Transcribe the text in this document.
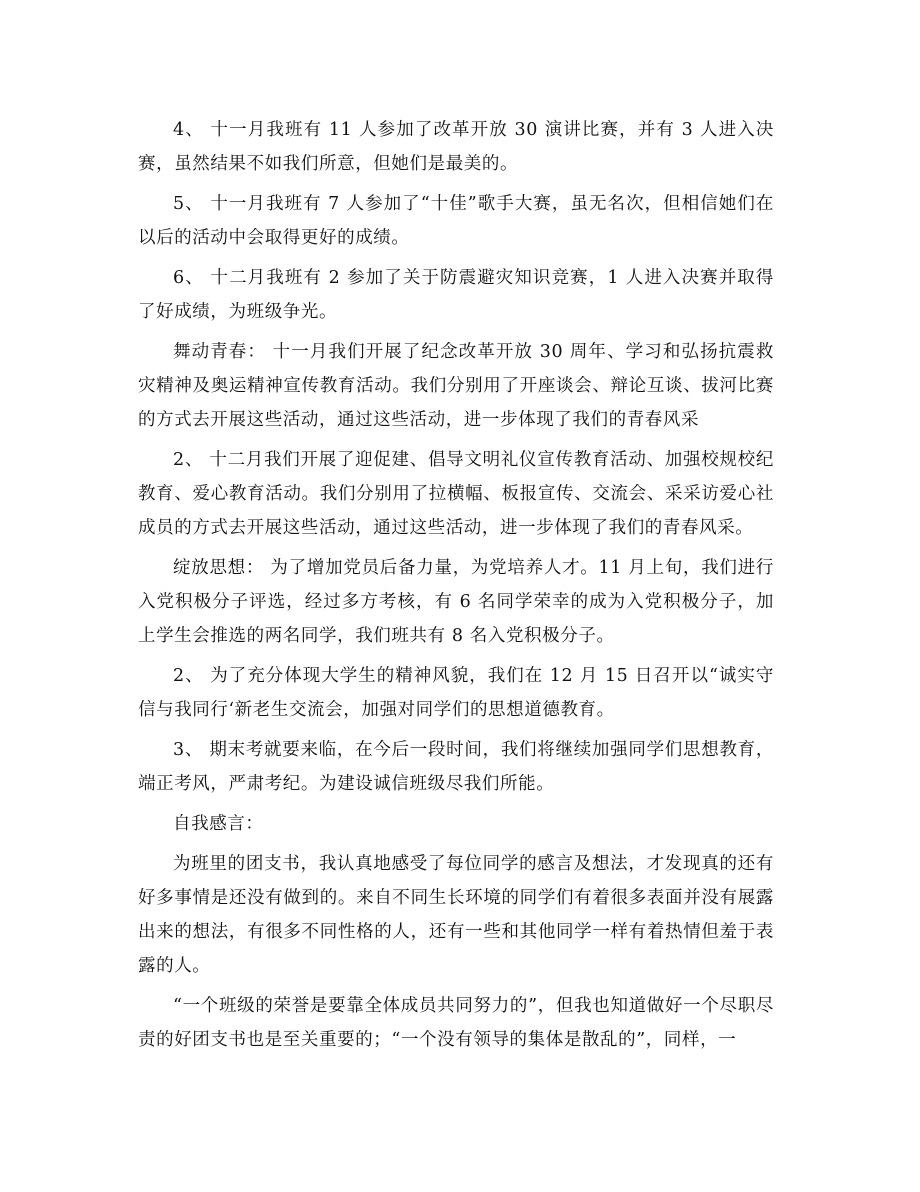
4、 十一月我班有 11 人参加了改革开放 30 演讲比赛，并有 3 人进入决赛，虽然结果不如我们所意，但她们是最美的。

5、 十一月我班有 7 人参加了“十佳”歌手大赛，虽无名次，但相信她们在以后的活动中会取得更好的成绩。

6、 十二月我班有 2 参加了关于防震避灾知识竞赛，1 人进入决赛并取得了好成绩，为班级争光。

舞动青春： 十一月我们开展了纪念改革开放 30 周年、学习和弘扬抗震救灾精神及奥运精神宣传教育活动。我们分别用了开座谈会、辩论互谈、拔河比赛的方式去开展这些活动，通过这些活动，进一步体现了我们的青春风采

2、 十二月我们开展了迎促建、倡导文明礼仪宣传教育活动、加强校规校纪教育、爱心教育活动。我们分别用了拉横幅、板报宣传、交流会、采采访爱心社成员的方式去开展这些活动，通过这些活动，进一步体现了我们的青春风采。

绽放思想： 为了增加党员后备力量，为党培养人才。11 月上旬，我们进行入党积极分子评选，经过多方考核，有 6 名同学荣幸的成为入党积极分子，加上学生会推选的两名同学，我们班共有 8 名入党积极分子。

2、 为了充分体现大学生的精神风貌，我们在 12 月 15 日召开以“诚实守信与我同行‘新老生交流会，加强对同学们的思想道德教育。

3、 期末考就要来临，在今后一段时间，我们将继续加强同学们思想教育，端正考风，严肃考纪。为建设诚信班级尽我们所能。

自我感言：

为班里的团支书，我认真地感受了每位同学的感言及想法，才发现真的还有好多事情是还没有做到的。来自不同生长环境的同学们有着很多表面并没有展露出来的想法，有很多不同性格的人，还有一些和其他同学一样有着热情但羞于表露的人。

“一个班级的荣誉是要靠全体成员共同努力的”，但我也知道做好一个尽职尽责的好团支书也是至关重要的；“一个没有领导的集体是散乱的”，同样，一
